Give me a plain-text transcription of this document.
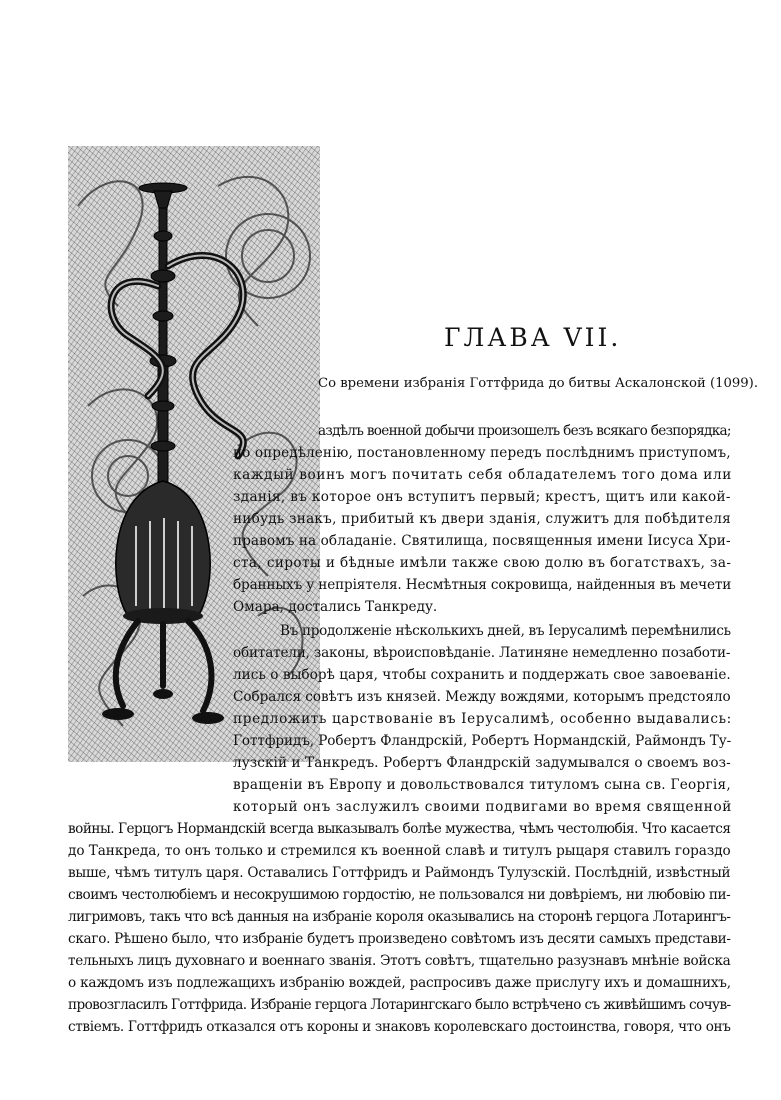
ГЛАВА VII.
Со времени избранія Готтфрида до битвы Аскалонской (1099).
аздѣлъ военной добычи произошелъ безъ всякаго безпорядка;
по опредѣленію, постановленному передъ послѣднимъ приступомъ,
каждый воинъ могъ почитать себя обладателемъ того дома или
зданія, въ которое онъ вступитъ первый; крестъ, щитъ или какой-
нибудь знакъ, прибитый къ двери зданія, служитъ для побѣдителя
правомъ на обладаніе. Святилища, посвященныя имени Іисуса Хри-
ста, сироты и бѣдные имѣли также свою долю въ богатствахъ, за-
бранныхъ у непріятеля. Несмѣтныя сокровища, найденныя въ мечети
Омара, достались Танкреду.
Въ продолженіе нѣсколькихъ дней, въ Іерусалимѣ перемѣнились
обитатели, законы, вѣроисповѣданіе. Латиняне немедленно позаботи-
лись о выборѣ царя, чтобы сохранить и поддержать свое завоеваніе.
Собрался совѣтъ изъ князей. Между вождями, которымъ предстояло
предложить царствованіе въ Іерусалимѣ, особенно выдавались:
Готтфридъ, Робертъ Фландрскій, Робертъ Нормандскій, Раймондъ Ту-
лузскій и Танкредъ. Робертъ Фландрскій задумывался о своемъ воз-
вращеніи въ Европу и довольствовался титуломъ сына св. Георгія,
который онъ заслужилъ своими подвигами во время священной
войны. Герцогъ Нормандскій всегда выказывалъ болѣе мужества, чѣмъ честолюбія. Что касается
до Танкреда, то онъ только и стремился къ военной славѣ и титулъ рыцаря ставилъ гораздо
выше, чѣмъ титулъ царя. Оставались Готтфридъ и Раймондъ Тулузскій. Послѣдній, извѣстный
своимъ честолюбіемъ и несокрушимою гордостію, не пользовался ни довѣріемъ, ни любовію пи-
лигримовъ, такъ что всѣ данныя на избраніе короля оказывались на сторонѣ герцога Лотарингъ-
скаго. Рѣшено было, что избраніе будетъ произведено совѣтомъ изъ десяти самыхъ представи-
тельныхъ лицъ духовнаго и военнаго званія. Этотъ совѣтъ, тщательно разузнавъ мнѣніе войска
о каждомъ изъ подлежащихъ избранію вождей, распросивъ даже прислугу ихъ и домашнихъ,
провозгласилъ Готтфрида. Избраніе герцога Лотарингскаго было встрѣчено съ живѣйшимъ сочув-
ствіемъ. Готтфридъ отказался отъ короны и знаковъ королевскаго достоинства, говоря, что онъ
